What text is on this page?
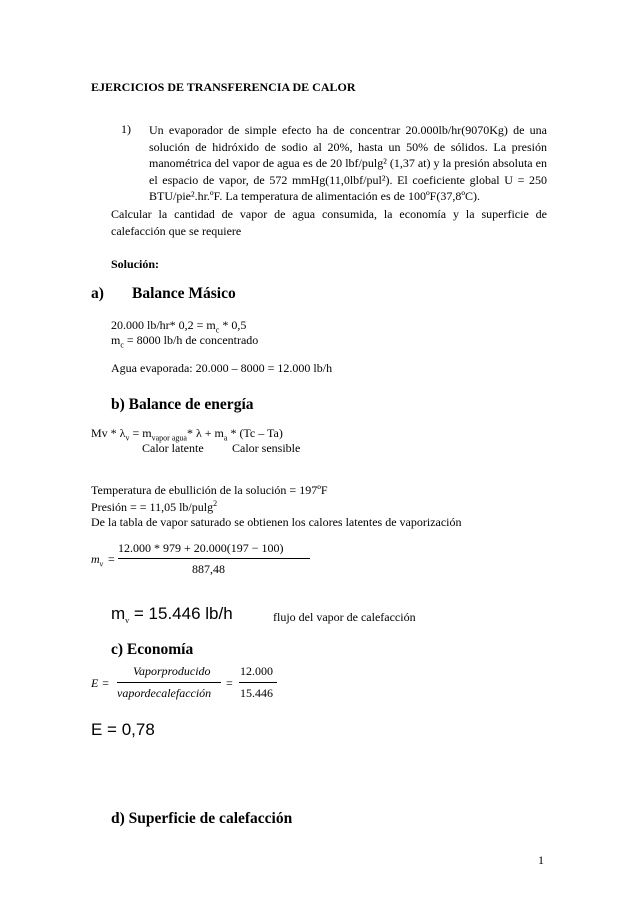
EJERCICIOS DE TRANSFERENCIA DE CALOR
1) Un evaporador de simple efecto ha de concentrar 20.000lb/hr(9070Kg) de una solución de hidróxido de sodio al 20%, hasta un 50% de sólidos. La presión manométrica del vapor de agua es de 20 lbf/pulg² (1,37 at) y la presión absoluta en el espacio de vapor, de 572 mmHg(11,0lbf/pul²). El coeficiente global U = 250 BTU/pie².hr.ºF. La temperatura de alimentación es de 100ºF(37,8ºC).
Calcular la cantidad de vapor de agua consumida, la economía y la superficie de calefacción que se requiere
Solución:
a) Balance Másico
20.000 lb/hr* $0,2 = m_c * 0,5$
$m_c = 8000$ lb/h de concentrado
Agua evaporada: 20.000 – 8000 = 12.000 lb/h
b) Balance de energía
$Mv * \lambda_v = m_{vapor agua}*$ $\lambda + m_a * (Tc - Ta)$
Calor latente Calor sensible
Temperatura de ebullición de la solución = 197ºF
Presión = = 11,05 lb/pulg$^2$
De la tabla de vapor saturado se obtienen los calores latentes de vaporización
$m_v$ =
12.000 * 979 + 20.000(197 − 100)
887,48
$m_v = 15.446$ lb/h	flujo del vapor de calefacción
c) Economía
E =
Vaporproducido
vapordecalefacción
=
12.000
15.446
E = 0,78
d) Superficie de calefacción
1
